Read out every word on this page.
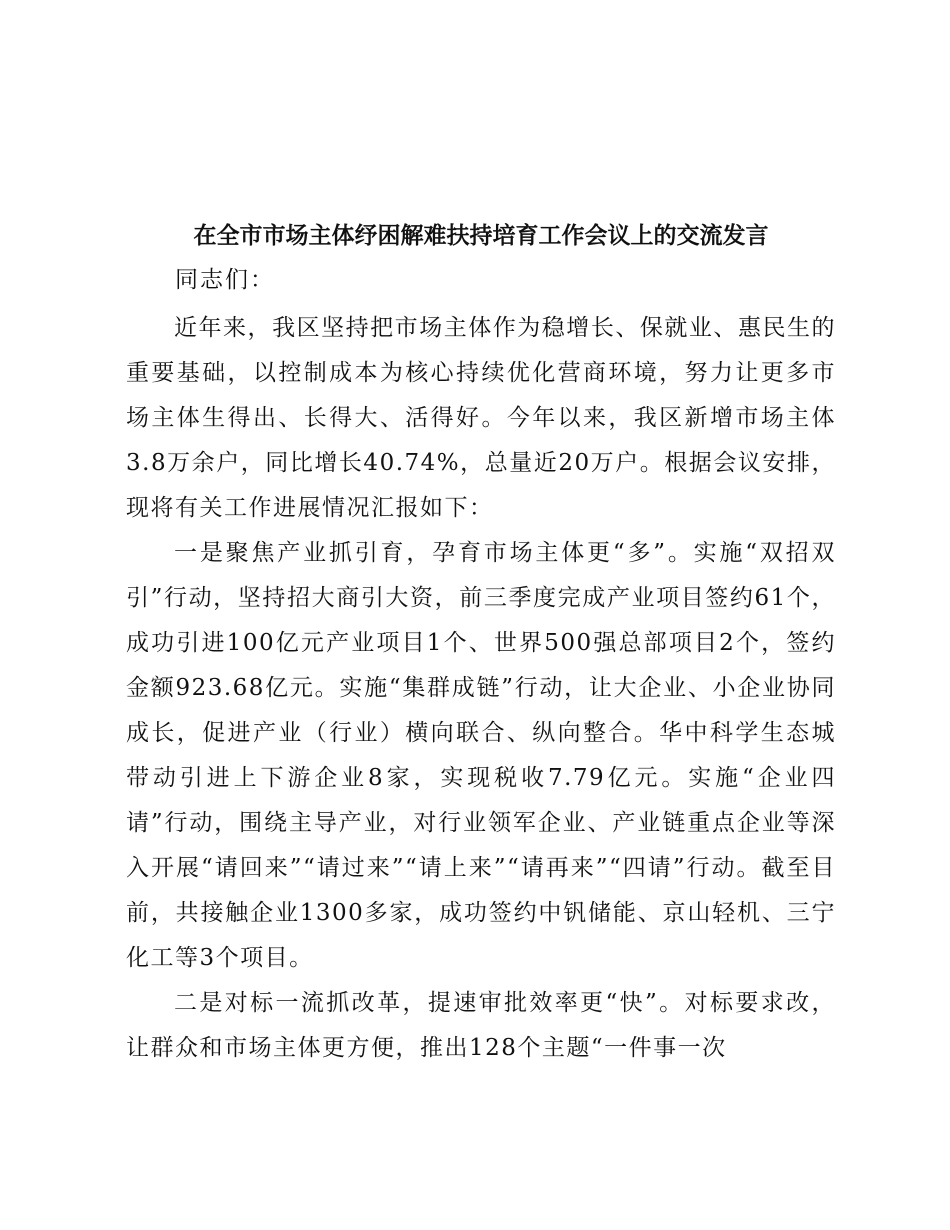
在全市市场主体纾困解难扶持培育工作会议上的交流发言

同志们：

近年来，我区坚持把市场主体作为稳增长、保就业、惠民生的重要基础，以控制成本为核心持续优化营商环境，努力让更多市场主体生得出、长得大、活得好。今年以来，我区新增市场主体3.8万余户，同比增长40.74%，总量近20万户。根据会议安排，现将有关工作进展情况汇报如下：

一是聚焦产业抓引育，孕育市场主体更“多”。实施“双招双引”行动，坚持招大商引大资，前三季度完成产业项目签约61个，成功引进100亿元产业项目1个、世界500强总部项目2个，签约金额923.68亿元。实施“集群成链”行动，让大企业、小企业协同成长，促进产业（行业）横向联合、纵向整合。华中科学生态城带动引进上下游企业8家，实现税收7.79亿元。实施“企业四请”行动，围绕主导产业，对行业领军企业、产业链重点企业等深入开展“请回来”“请过来”“请上来”“请再来”“四请”行动。截至目前，共接触企业1300多家，成功签约中钒储能、京山轻机、三宁化工等3个项目。

二是对标一流抓改革，提速审批效率更“快”。对标要求改，让群众和市场主体更方便，推出128个主题“一件事一次
